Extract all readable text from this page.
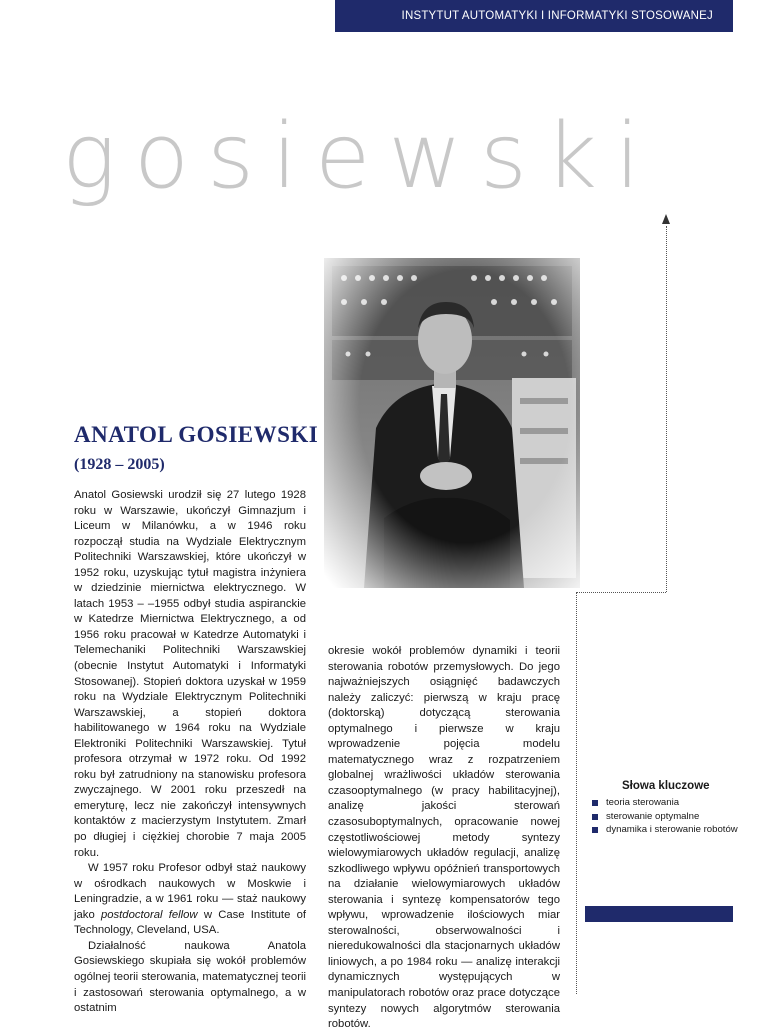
INSTYTUT AUTOMATYKI I INFORMATYKI STOSOWANEJ
gosiewski
ANATOL GOSIEWSKI
(1928 – 2005)

Anatol Gosiewski urodził się 27 lutego 1928 roku w Warszawie, ukończył Gimnazjum i Liceum w Milanówku, a w 1946 roku rozpoczął studia na Wydziale Elektrycznym Politechniki Warszawskiej, które ukończył w 1952 roku, uzyskując tytuł magistra inżyniera w dziedzinie miernictwa elektrycznego. W latach 1953 – –1955 odbył studia aspiranckie w Katedrze Miernictwa Elektrycznego, a od 1956 roku pracował w Katedrze Automatyki i Telemechaniki Politechniki Warszawskiej (obecnie Instytut Automatyki i Informatyki Stosowanej). Stopień doktora uzyskał w 1959 roku na Wydziale Elektrycznym Politechniki Warszawskiej, a stopień doktora habilitowanego w 1964 roku na Wydziale Elektroniki Politechniki Warszawskiej. Tytuł profesora otrzymał w 1972 roku. Od 1992 roku był zatrudniony na stanowisku profesora zwyczajnego. W 2001 roku przeszedł na emeryturę, lecz nie zakończył intensywnych kontaktów z macierzystym Instytutem. Zmarł po długiej i ciężkiej chorobie 7 maja 2005 roku.

W 1957 roku Profesor odbył staż naukowy w ośrodkach naukowych w Moskwie i Leningradzie, a w 1961 roku — staż naukowy jako postdoctoral fellow w Case Institute of Technology, Cleveland, USA.

Działalność naukowa Anatola Gosiewskiego skupiała się wokół problemów ogólnej teorii sterowania, matematycznej teorii i zastosowań sterowania optymalnego, a w ostatnim

okresie wokół problemów dynamiki i teorii sterowania robotów przemysłowych. Do jego najważniejszych osiągnięć badawczych należy zaliczyć: pierwszą w kraju pracę (doktorską) dotyczącą sterowania optymalnego i pierwsze w kraju wprowadzenie pojęcia modelu matematycznego wraz z rozpatrzeniem globalnej wrażliwości układów sterowania czasooptymalnego (w pracy habilitacyjnej), analizę jakości sterowań czasosuboptymalnych, opracowanie nowej częstotliwościowej metody syntezy wielowymiarowych układów regulacji, analizę szkodliwego wpływu opóźnień transportowych na działanie wielowymiarowych układów sterowania i syntezę kompensatorów tego wpływu, wprowadzenie ilościowych miar sterowalności, obserwowalności i nieredukowalności dla stacjonarnych układów liniowych, a po 1984 roku — analizę interakcji dynamicznych występujących w manipulatorach robotów oraz prace dotyczące syntezy nowych algorytmów sterowania robotów.

Słowa kluczowe
teoria sterowania
sterowanie optymalne
dynamika i sterowanie robotów
